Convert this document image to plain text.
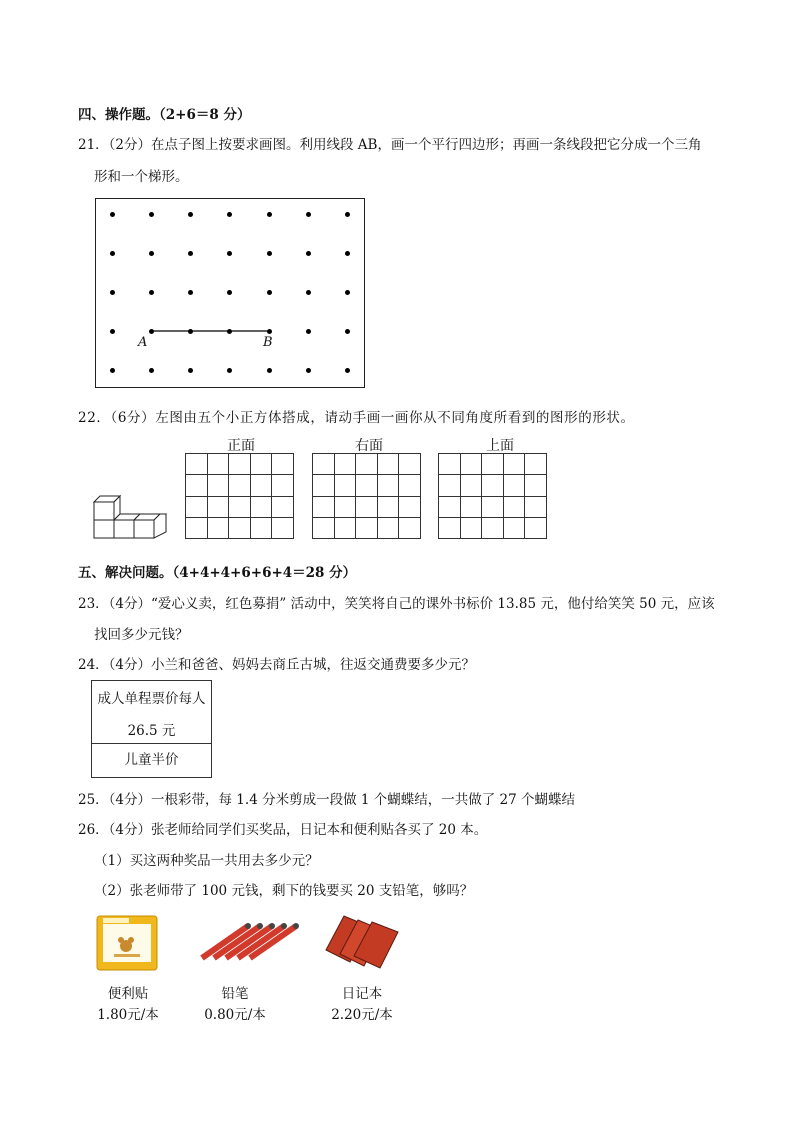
四、操作题。（2+6＝8 分）
21．（2分）在点子图上按要求画图。利用线段 AB，画一个平行四边形；再画一条线段把它分成一个三角
形和一个梯形。
A	B
22．（6分）左图由五个小正方体搭成，请动手画一画你从不同角度所看到的图形的形状。
正面	右面	上面

五、解决问题。（4+4+4+6+6+4＝28 分）
23．（4分）“爱心义卖，红色募捐” 活动中，笑笑将自己的课外书标价 13.85 元，他付给笑笑 50 元，应该
找回多少元钱？
24．（4分）小兰和爸爸、妈妈去商丘古城，往返交通费要多少元？
成人单程票价每人
26.5 元
儿童半价
25．（4分）一根彩带，每 1.4 分米剪成一段做 1 个蝴蝶结，一共做了 27 个蝴蝶结
26．（4分）张老师给同学们买奖品，日记本和便利贴各买了 20 本。
（1）买这两种奖品一共用去多少元？
（2）张老师带了 100 元钱，剩下的钱要买 20 支铅笔，够吗？
便利贴
1.80元/本
铅笔
0.80元/本
日记本
2.20元/本
